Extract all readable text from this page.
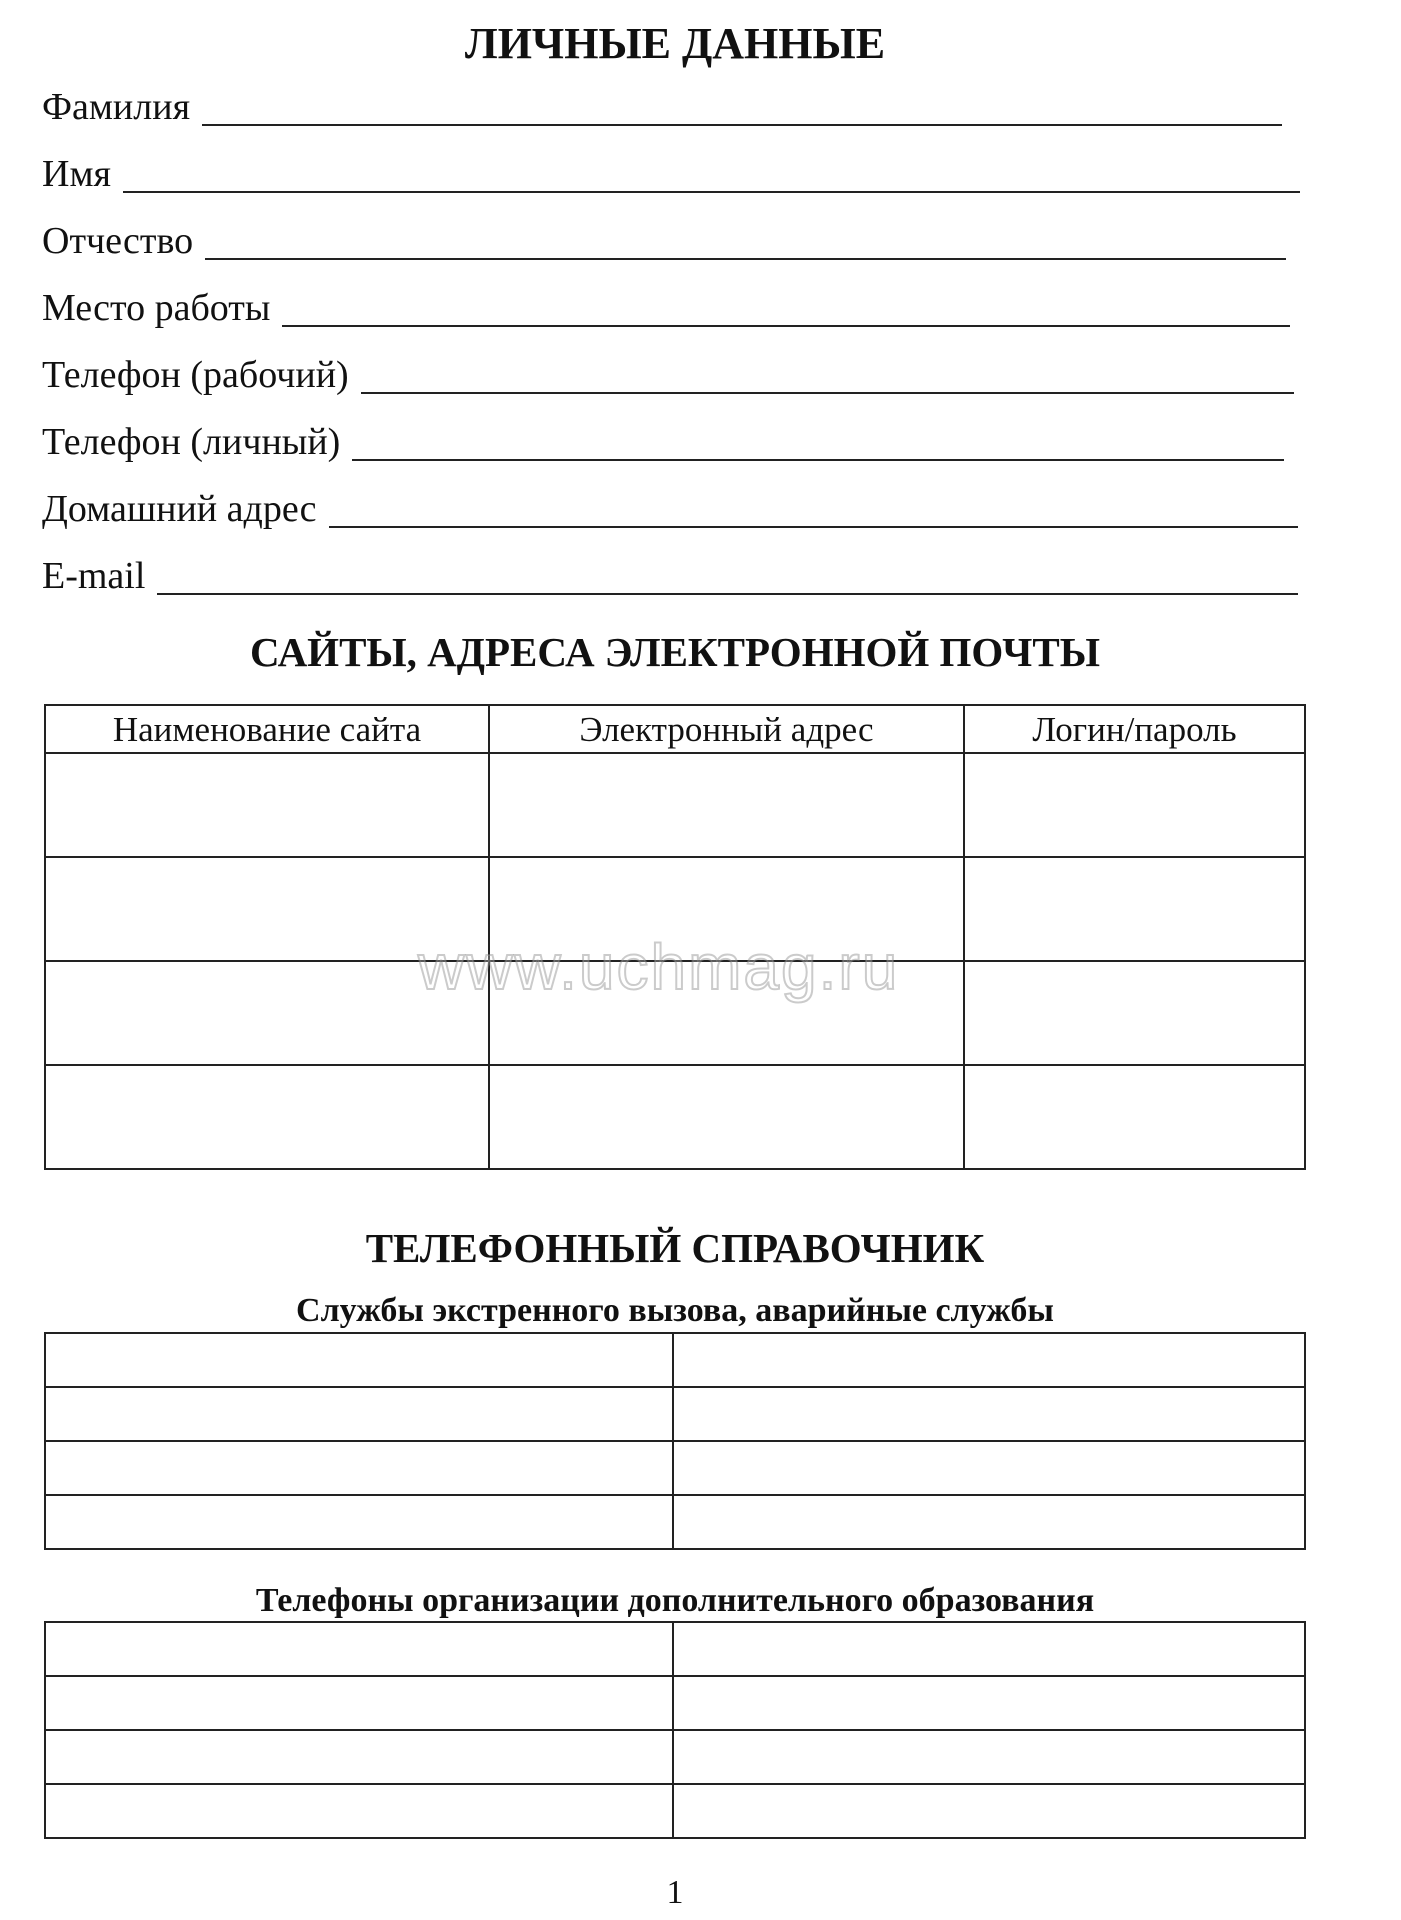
ЛИЧНЫЕ ДАННЫЕ
Фамилия
Имя
Отчество
Место работы
Телефон (рабочий)
Телефон (личный)
Домашний адрес
E-mail
САЙТЫ, АДРЕСА ЭЛЕКТРОННОЙ ПОЧТЫ
Наименование сайта	Электронный адрес	Логин/пароль

www.uchmag.ru
ТЕЛЕФОННЫЙ СПРАВОЧНИК
Службы экстренного вызова, аварийные службы

Телефоны организации дополнительного образования

1
